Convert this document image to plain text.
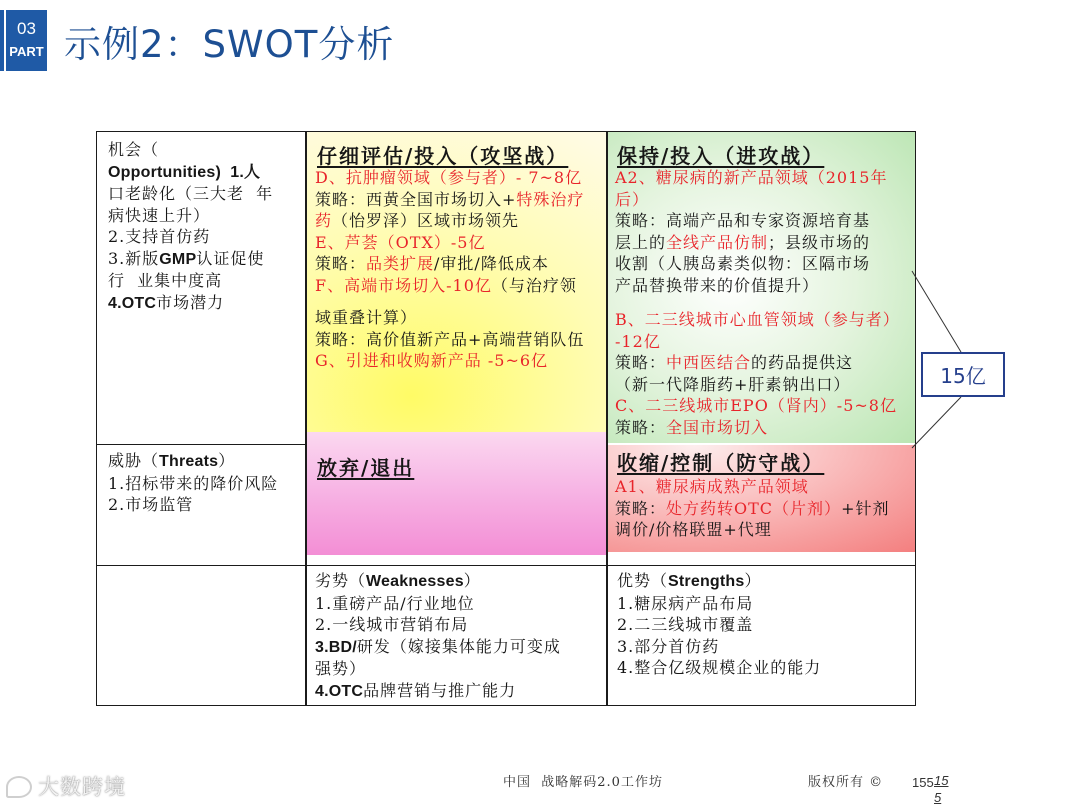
03
PART 示例2：SWOT分析
机会（
Opportunities)  1.人
口老龄化（三大老  年
病快速上升）
2.支持首仿药
3.新版GMP认证促使
行  业集中度高
4.OTC市场潜力
威胁（Threats）
1.招标带来的降价风险
2.市场监管
劣势（Weaknesses）
1.重磅产品/行业地位
2.一线城市营销布局
3.BD/研发（嫁接集体能力可变成
强势）
4.OTC品牌营销与推广能力
优势（Strengths）
1.糖尿病产品布局
2.二三线城市覆盖
3.部分首仿药
4.整合亿级规模企业的能力
仔细评估/投入（攻坚战）
D、抗肿瘤领域（参与者）- 7~8亿
策略：西黄全国市场切入+特殊治疗
药（怡罗泽）区域市场领先
E、芦荟（OTX）-5亿
策略：品类扩展/审批/降低成本
F、高端市场切入-10亿（与治疗领
域重叠计算）
策略：高价值新产品+高端营销队伍
G、引进和收购新产品 -5~6亿
保持/投入（进攻战）
A2、糖尿病的新产品领域（2015年
后）
策略：高端产品和专家资源培育基
层上的全线产品仿制；县级市场的
收割（人胰岛素类似物：区隔市场
产品替换带来的价值提升）
B、二三线城市心血管领域（参与者）
-12亿
策略：中西医结合的药品提供这
（新一代降脂药+肝素钠出口）
C、二三线城市EPO（肾内）-5~8亿
策略：全国市场切入
放弃/退出	收缩/控制（防守战）
A1、糖尿病成熟产品领域
策略：处方药转OTC（片剂）+针剂
调价/价格联盟+代理
15亿
中国  战略解码2.0工作坊	版权所有 © 155 15
5
大数跨境
